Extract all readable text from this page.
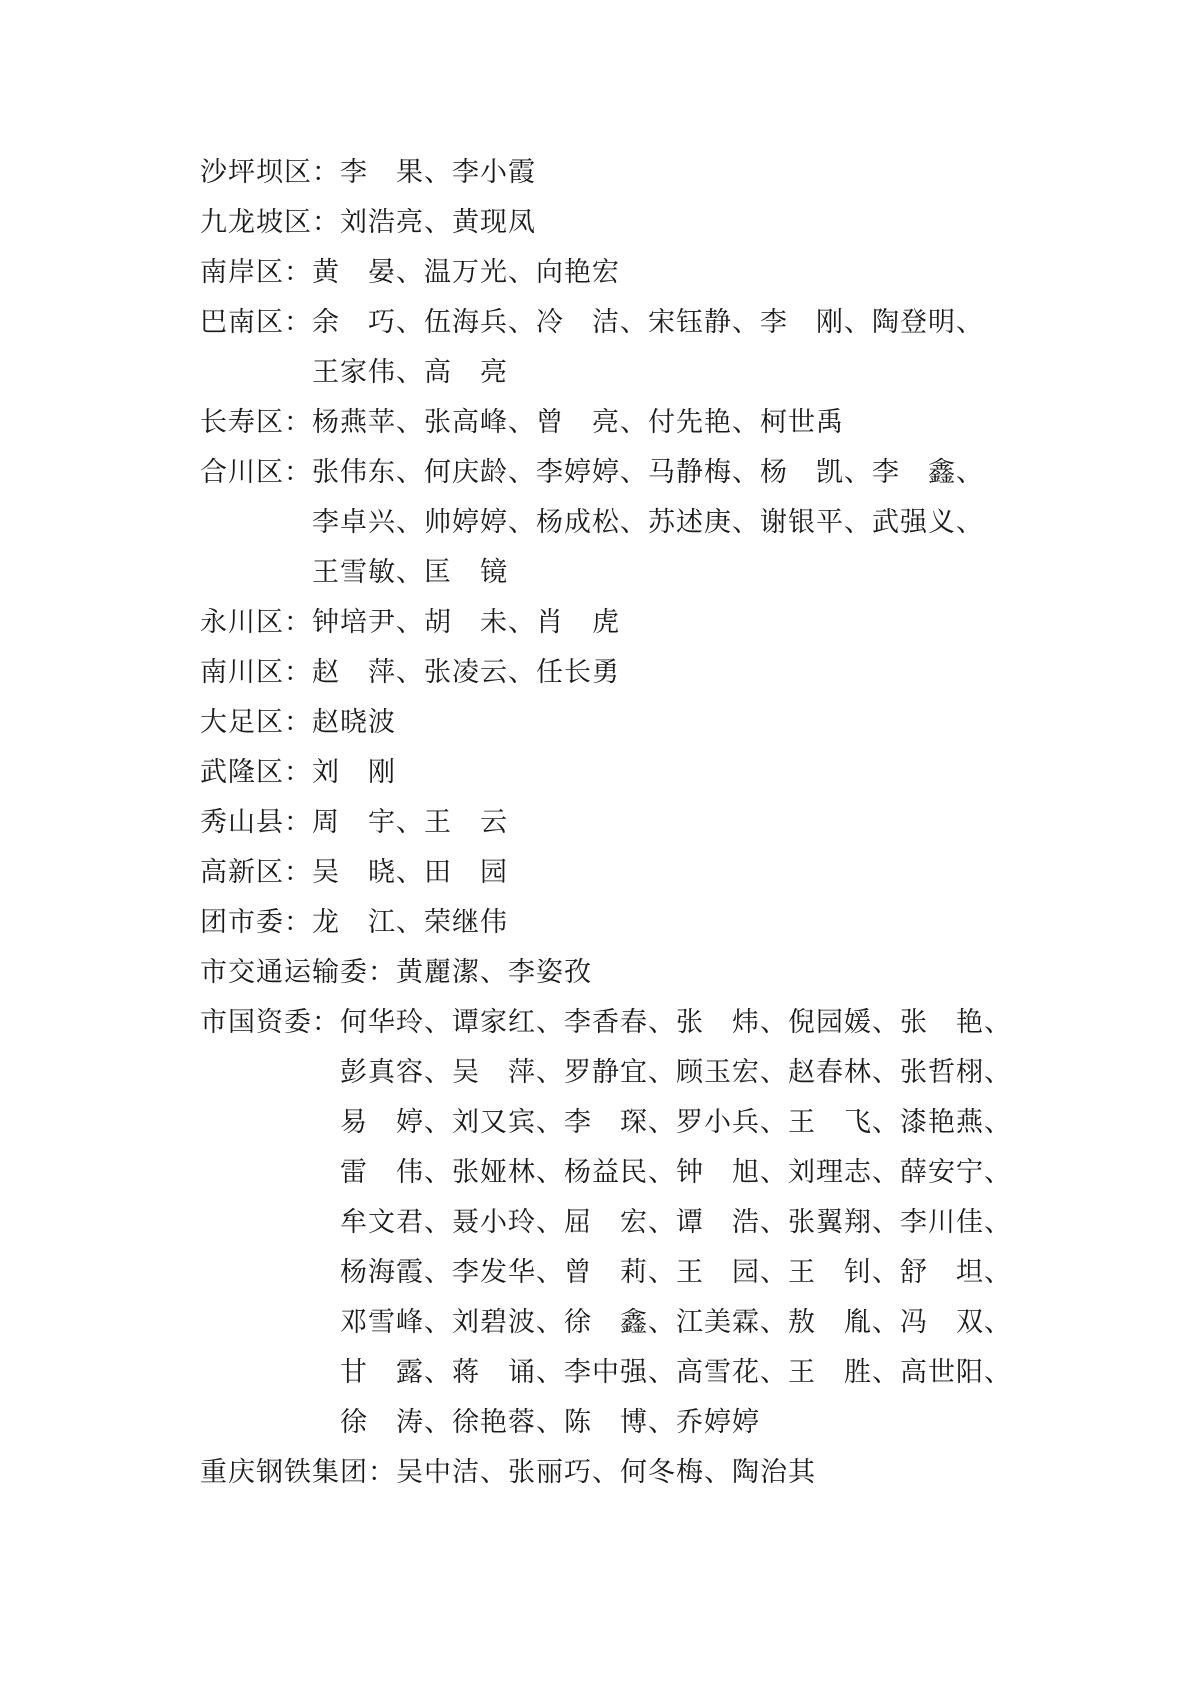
沙坪坝区： 李　果、李小霞
九龙坡区： 刘浩亮、黄现凤
南岸区： 黄　晏、温万光、向艳宏
巴南区： 余　巧、伍海兵、冷　洁、宋钰静、李　刚、陶登明、
王家伟、高　亮
长寿区： 杨燕苹、张高峰、曾　亮、付先艳、柯世禹
合川区： 张伟东、何庆龄、李婷婷、马静梅、杨　凯、李　鑫、
李卓兴、帅婷婷、杨成松、苏述庚、谢银平、武强义、
王雪敏、匡　镜
永川区： 钟培尹、胡　未、肖　虎
南川区： 赵　萍、张凌云、任长勇
大足区： 赵晓波
武隆区： 刘　刚
秀山县： 周　宇、王　云
高新区： 吴　晓、田　园
团市委： 龙　江、荣继伟
市交通运输委： 黄麗潔、李姿孜
市国资委： 何华玲、谭家红、李香春、张　炜、倪园媛、张　艳、
彭真容、吴　萍、罗静宜、顾玉宏、赵春林、张哲栩、
易　婷、刘又宾、李　琛、罗小兵、王　飞、漆艳燕、
雷　伟、张娅林、杨益民、钟　旭、刘理志、薛安宁、
牟文君、聂小玲、屈　宏、谭　浩、张翼翔、李川佳、
杨海霞、李发华、曾　莉、王　园、王　钊、舒　坦、
邓雪峰、刘碧波、徐　鑫、江美霖、敖　胤、冯　双、
甘　露、蒋　诵、李中强、高雪花、王　胜、高世阳、
徐　涛、徐艳蓉、陈　博、乔婷婷
重庆钢铁集团： 吴中洁、张丽巧、何冬梅、陶治其
